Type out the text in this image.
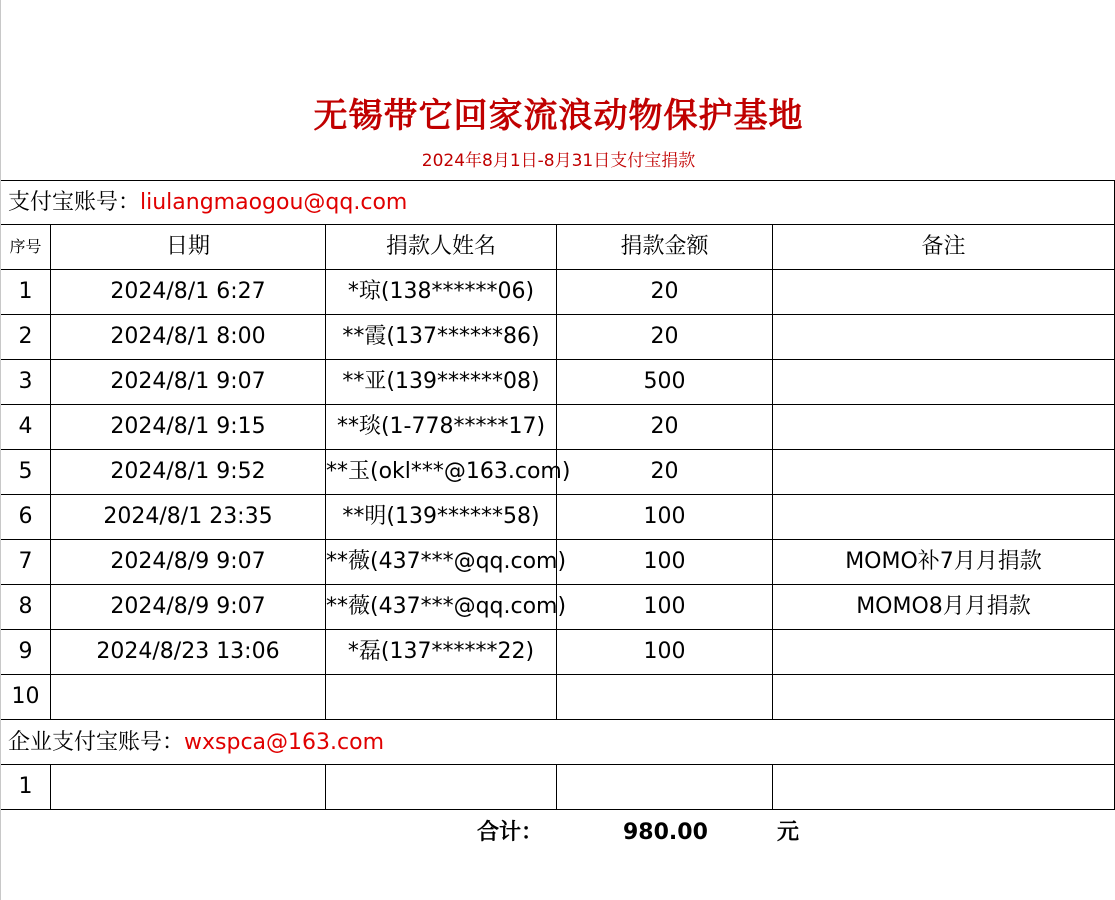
无锡带它回家流浪动物保护基地
2024年8月1日-8月31日支付宝捐款
支付宝账号：liulangmaogou@qq.com
序号	日期	捐款人姓名	捐款金额	备注
1	2024/8/1 6:27	*琼(138******06)	20
2	2024/8/1 8:00	**霞(137******86)	20
3	2024/8/1 9:07	**亚(139******08)	500
4	2024/8/1 9:15	**琰(1-778*****17)	20
5	2024/8/1 9:52	**玉(okl***@163.com)	20
6	2024/8/1 23:35	**明(139******58)	100
7	2024/8/9 9:07	**薇(437***@qq.com)	100	MOMO补7月月捐款
8	2024/8/9 9:07	**薇(437***@qq.com)	100	MOMO8月月捐款
9	2024/8/23 13:06	*磊(137******22)	100
10
企业支付宝账号：wxspca@163.com
1
合计：	980.00	元
